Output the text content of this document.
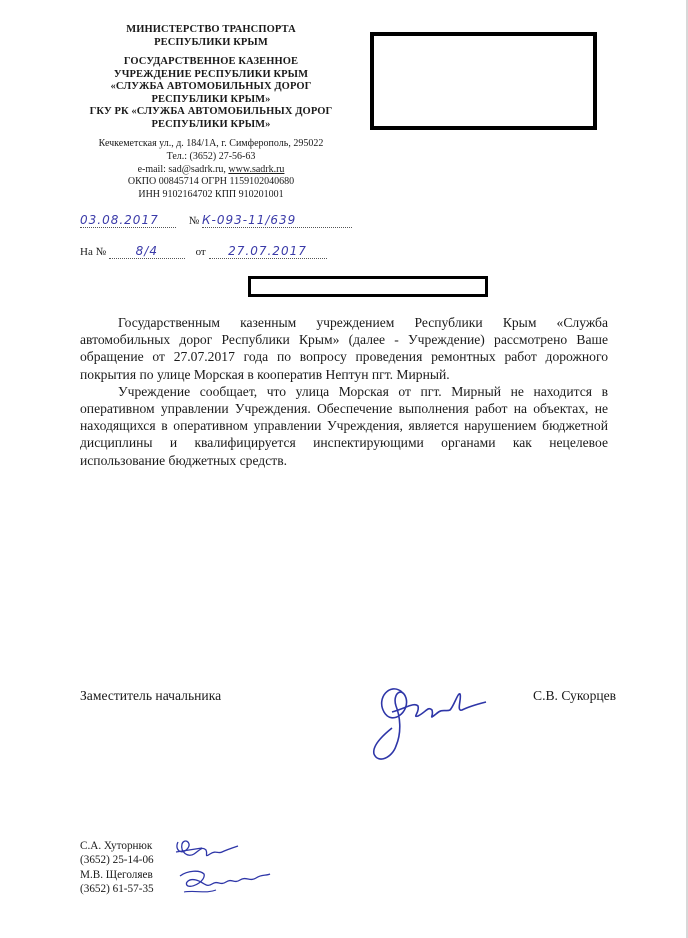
МИНИСТЕРСТВО ТРАНСПОРТА
РЕСПУБЛИКИ КРЫМ
ГОСУДАРСТВЕННОЕ КАЗЕННОЕ
УЧРЕЖДЕНИЕ РЕСПУБЛИКИ КРЫМ
«СЛУЖБА АВТОМОБИЛЬНЫХ ДОРОГ
РЕСПУБЛИКИ КРЫМ»
ГКУ РК «СЛУЖБА АВТОМОБИЛЬНЫХ ДОРОГ
РЕСПУБЛИКИ КРЫМ»
Кечкеметская ул., д. 184/1А, г. Симферополь, 295022
Тел.: (3652) 27-56-63
e-mail: sad@sadrk.ru, www.sadrk.ru
ОКПО 00845714 ОГРН 1159102040680
ИНН 9102164702 КПП 910201001
03.08.2017	№ К-093-11/639
На № 8/4	от 27.07.2017

Государственным казенным учреждением Республики Крым «Служба автомобильных дорог Республики Крым» (далее - Учреждение) рассмотрено Ваше обращение от 27.07.2017 года по вопросу проведения ремонтных работ дорожного покрытия по улице Морская в кооператив Нептун пгт. Мирный.

Учреждение сообщает, что улица Морская от пгт. Мирный не находится в оперативном управлении Учреждения. Обеспечение выполнения работ на объектах, не находящихся в оперативном управлении Учреждения, является нарушением бюджетной дисциплины и квалифицируется инспектирующими органами как нецелевое использование бюджетных средств.

Заместитель начальника	С.В. Сукорцев
С.А. Хуторнюк
(3652) 25-14-06
М.В. Щеголяев
(3652) 61-57-35
